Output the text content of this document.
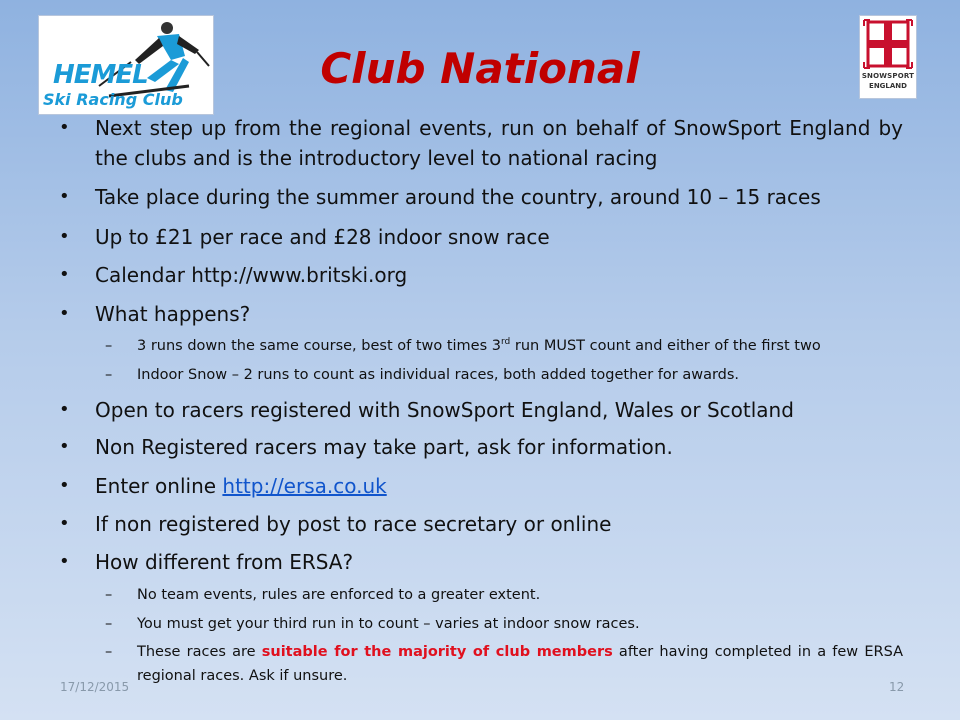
HEMEL
Ski Racing Club
SNOWSPORT
ENGLAND
Club National
• Next step up from the regional events, run on behalf of SnowSport England by the clubs and is the introductory level to national racing
• Take place during the summer around the country, around 10 – 15 races
• Up to £21 per race and £28 indoor snow race
• Calendar http://www.britski.org
• What happens?
– 3 runs down the same course, best of two times 3rd run MUST count and either of the first two
– Indoor Snow – 2 runs to count as individual races, both added together for awards.
• Open to racers registered with SnowSport England, Wales or Scotland
• Non Registered racers may take part, ask for information.
• Enter online http://ersa.co.uk
• If non registered by post to race secretary or online
• How different from ERSA?
– No team events, rules are enforced to a greater extent.
– You must get your third run in to count – varies at indoor snow races.
– These races are suitable for the majority of club members after having completed in a few ERSA regional races. Ask if unsure.
17/12/2015	12
